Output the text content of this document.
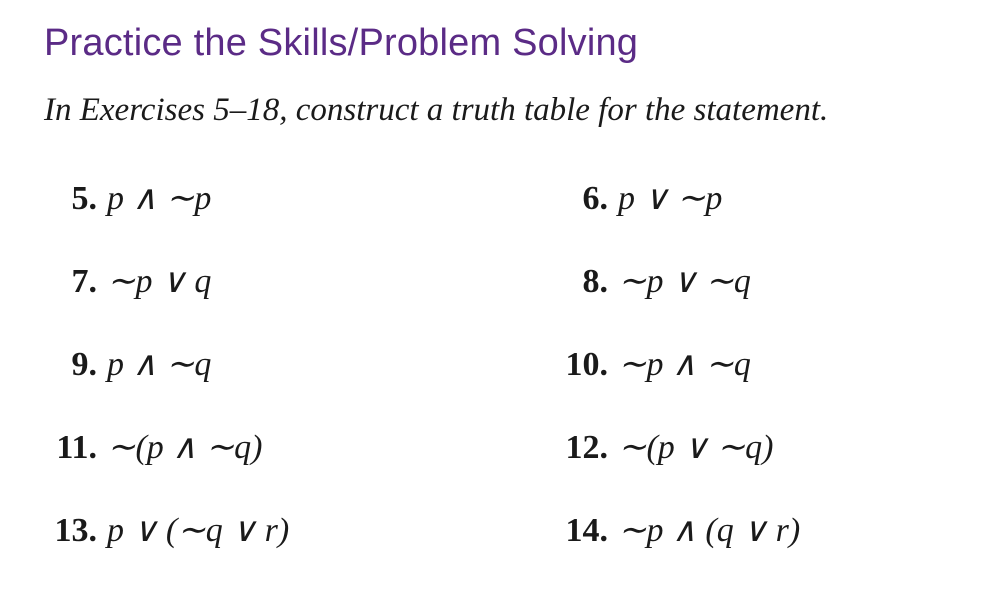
Practice the Skills/Problem Solving
In Exercises 5–18, construct a truth table for the statement.
5. p ∧ ∼p	6. p ∨ ∼p
7. ∼p ∨ q	8. ∼p ∨ ∼q
9. p ∧ ∼q	10. ∼p ∧ ∼q
11. ∼(p ∧ ∼q)	12. ∼(p ∨ ∼q)
13. p ∨ (∼q ∨ r)	14. ∼p ∧ (q ∨ r)
